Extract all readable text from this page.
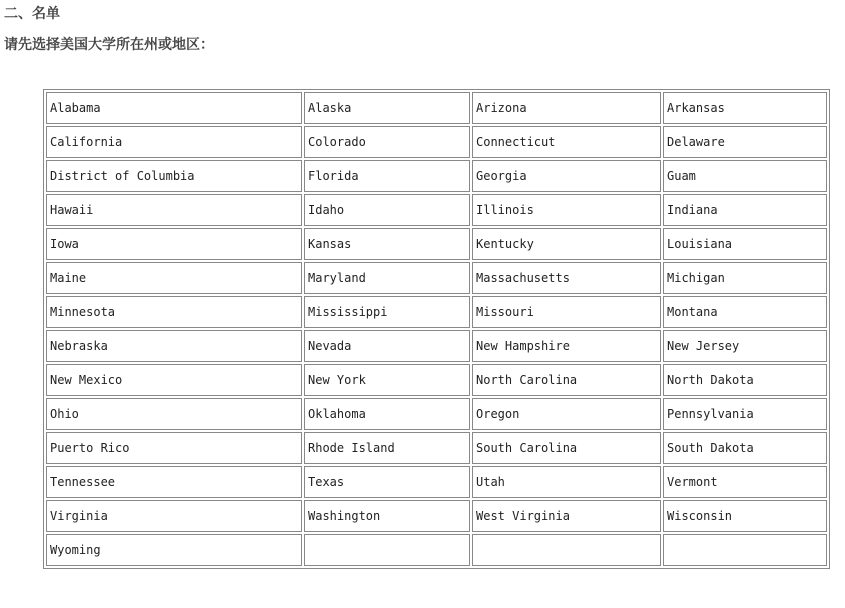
二、名单
请先选择美国大学所在州或地区：
Alabama	Alaska	Arizona	Arkansas
California	Colorado	Connecticut	Delaware
District of Columbia	Florida	Georgia	Guam
Hawaii	Idaho	Illinois	Indiana
Iowa	Kansas	Kentucky	Louisiana
Maine	Maryland	Massachusetts	Michigan
Minnesota	Mississippi	Missouri	Montana
Nebraska	Nevada	New Hampshire	New Jersey
New Mexico	New York	North Carolina	North Dakota
Ohio	Oklahoma	Oregon	Pennsylvania
Puerto Rico	Rhode Island	South Carolina	South Dakota
Tennessee	Texas	Utah	Vermont
Virginia	Washington	West Virginia	Wisconsin
Wyoming			
